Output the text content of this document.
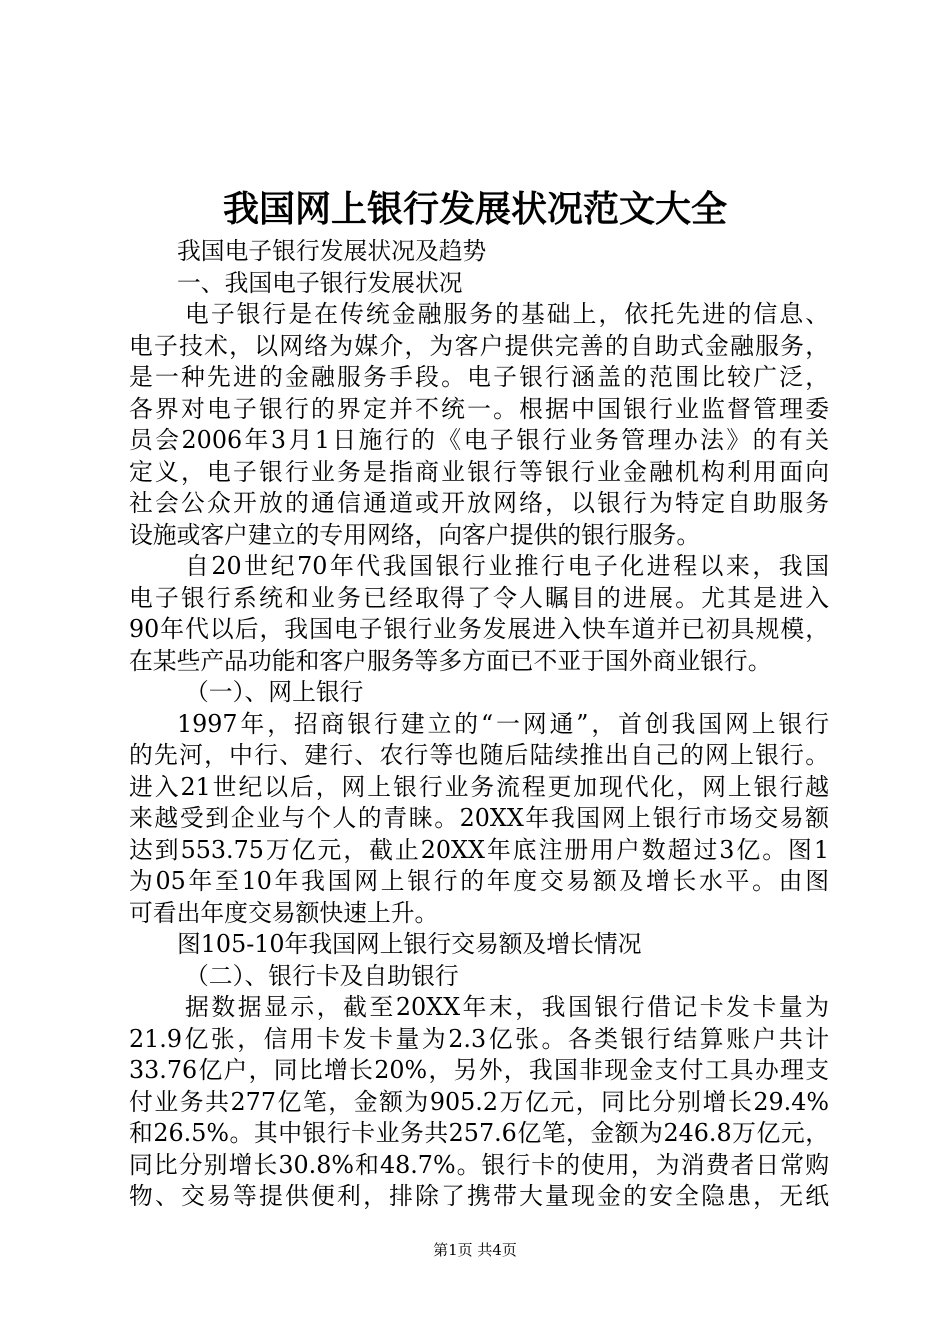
我国网上银行发展状况范文大全
我国电子银行发展状况及趋势
一、我国电子银行发展状况
电子银行是在传统金融服务的基础上，依托先进的信息、
电子技术，以网络为媒介，为客户提供完善的自助式金融服务，
是一种先进的金融服务手段。电子银行涵盖的范围比较广泛，
各界对电子银行的界定并不统一。根据中国银行业监督管理委
员会2006年3月1日施行的《电子银行业务管理办法》的有关
定义，电子银行业务是指商业银行等银行业金融机构利用面向
社会公众开放的通信通道或开放网络，以银行为特定自助服务
设施或客户建立的专用网络，向客户提供的银行服务。
自20世纪70年代我国银行业推行电子化进程以来，我国
电子银行系统和业务已经取得了令人瞩目的进展。尤其是进入
90年代以后，我国电子银行业务发展进入快车道并已初具规模，
在某些产品功能和客户服务等多方面已不亚于国外商业银行。
（一）、网上银行
1997年，招商银行建立的“一网通”，首创我国网上银行
的先河，中行、建行、农行等也随后陆续推出自己的网上银行。
进入21世纪以后，网上银行业务流程更加现代化，网上银行越
来越受到企业与个人的青睐。20XX年我国网上银行市场交易额
达到553.75万亿元，截止20XX年底注册用户数超过3亿。图1
为05年至10年我国网上银行的年度交易额及增长水平。由图
可看出年度交易额快速上升。
图105-10年我国网上银行交易额及增长情况
（二）、银行卡及自助银行
据数据显示，截至20XX年末，我国银行借记卡发卡量为
21.9亿张，信用卡发卡量为2.3亿张。各类银行结算账户共计
33.76亿户，同比增长20%，另外，我国非现金支付工具办理支
付业务共277亿笔，金额为905.2万亿元，同比分别增长29.4%
和26.5%。其中银行卡业务共257.6亿笔，金额为246.8万亿元，
同比分别增长30.8%和48.7%。银行卡的使用，为消费者日常购
物、交易等提供便利，排除了携带大量现金的安全隐患，无纸
第1页 共4页
